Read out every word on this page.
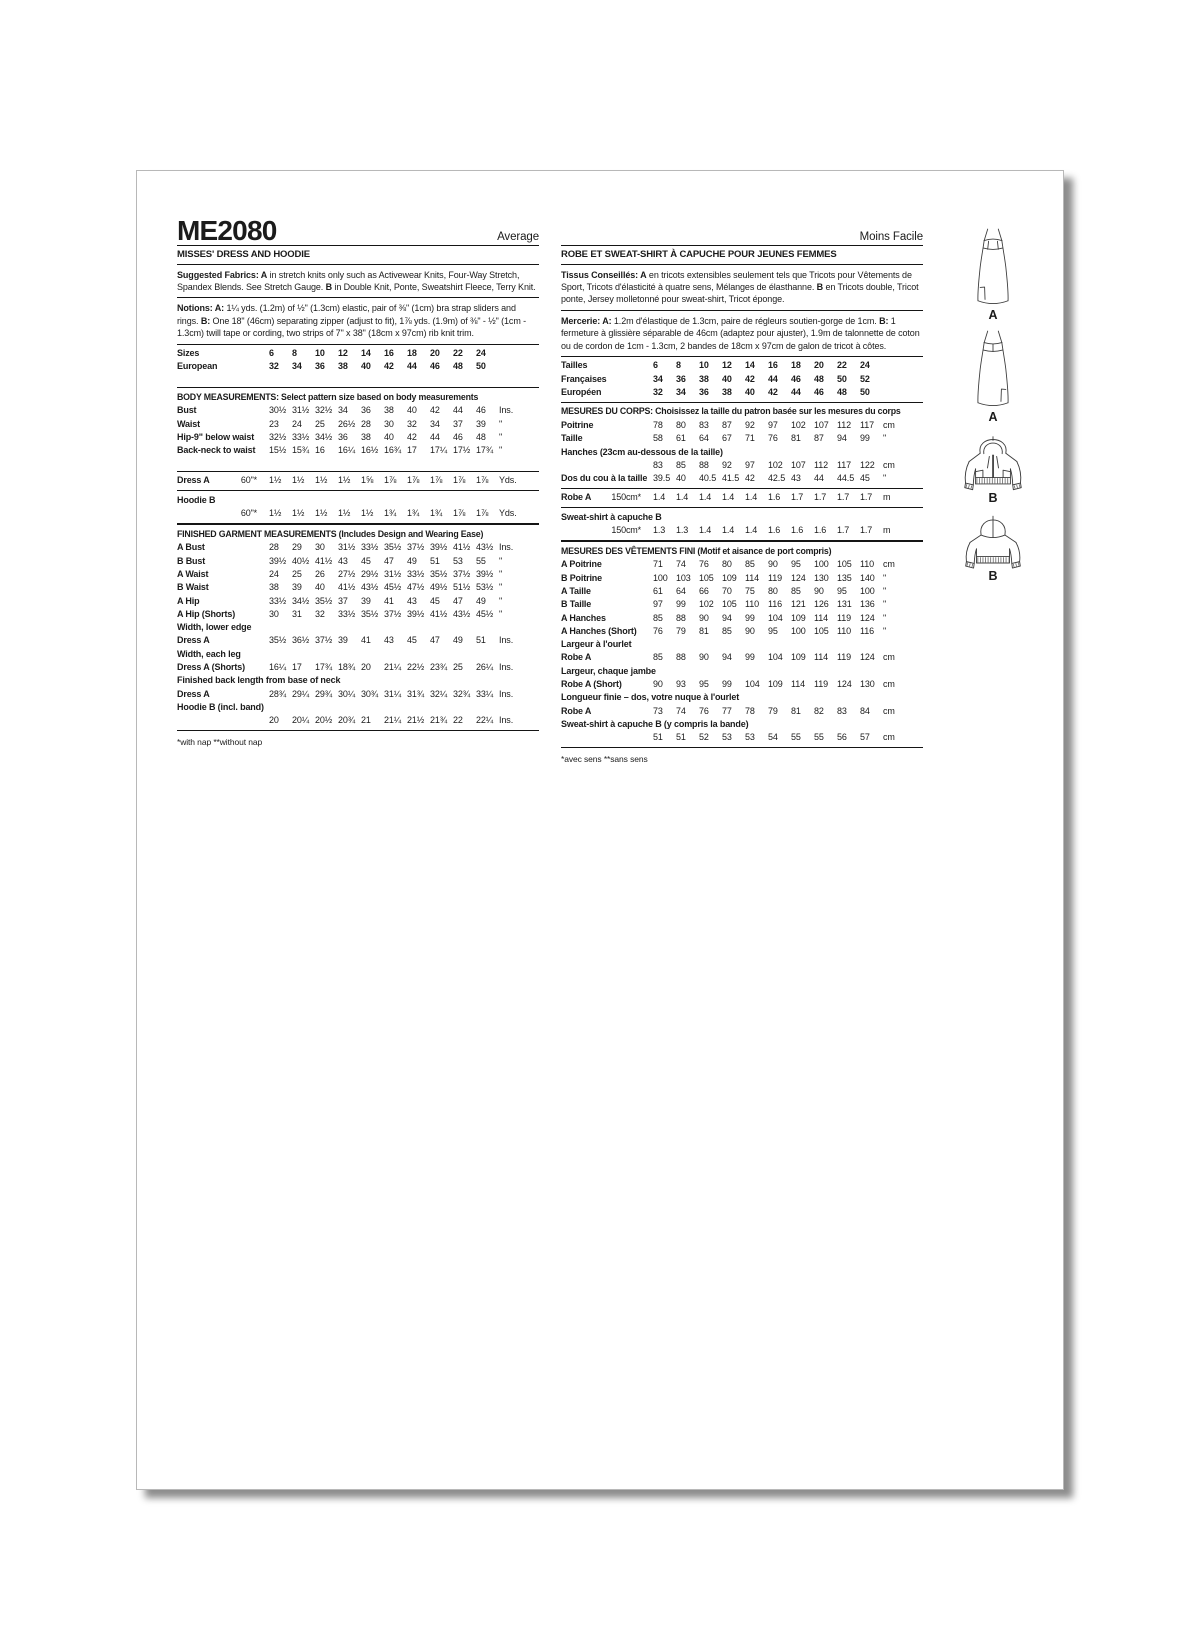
ME2080	Average
MISSES' DRESS AND HOODIE
Suggested Fabrics: A in stretch knits only such as Activewear Knits, Four-Way Stretch, Spandex Blends. See Stretch Gauge. B in Double Knit, Ponte, Sweatshirt Fleece, Terry Knit.
Notions: A: 1¼ yds. (1.2m) of ½" (1.3cm) elastic, pair of ⅜" (1cm) bra strap sliders and rings. B: One 18" (46cm) separating zipper (adjust to fit), 1⅞ yds. (1.9m) of ⅜" - ½" (1cm - 1.3cm) twill tape or cording, two strips of 7" x 38" (18cm x 97cm) rib knit trim.
Sizes	6	8	10	12	14	16	18	20	22	24
European	32	34	36	38	40	42	44	46	48	50
BODY MEASUREMENTS: Select pattern size based on body measurements
Bust	30½ 31½ 32½ 34	36	38	40	42	44	46	Ins.
Waist	23	24	25	26½ 28	30	32	34	37	39	"
Hip-9" below waist 32½ 33½ 34½ 36	38	40	42	44	46	48	"
Back-neck to waist 15½ 15¾ 16	16¼ 16½ 16¾ 17	17¼ 17½ 17¾ "
Dress A	60"* 1½	1½	1½	1½	1⅝	1⅞	1⅞	1⅞	1⅞	1⅞	Yds.
Hoodie B
60"* 1½	1½	1½	1½	1½	1¾	1¾	1¾	1⅞	1⅞	Yds.
FINISHED GARMENT MEASUREMENTS (Includes Design and Wearing Ease)
A Bust	28	29	30	31½ 33½ 35½ 37½ 39½ 41½ 43½ Ins.
B Bust	39½ 40½ 41½ 43	45	47	49	51	53	55	"
A Waist	24	25	26	27½ 29½ 31½ 33½ 35½ 37½ 39½ "
B Waist	38	39	40	41½ 43½ 45½ 47½ 49½ 51½ 53½ "
A Hip	33½ 34½ 35½ 37	39	41	43	45	47	49	"
A Hip (Shorts)	30	31	32	33½ 35½ 37½ 39½ 41½ 43½ 45½ "
Width, lower edge
Dress A	35½ 36½ 37½ 39	41	43	45	47	49	51	Ins.
Width, each leg
Dress A (Shorts)	16¼ 17	17¾ 18¾ 20	21¼ 22½ 23¾ 25	26¼ Ins.
Finished back length from base of neck
Dress A	28¾ 29¼ 29¾ 30¼ 30¾ 31¼ 31¾ 32¼ 32¾ 33¼ Ins.
Hoodie B (incl. band)
20	20¼ 20½ 20¾ 21	21¼ 21½ 21¾ 22	22¼ Ins.
*with nap **without nap
Moins Facile
ROBE ET SWEAT-SHIRT À CAPUCHE POUR JEUNES FEMMES
Tissus Conseillés: A en tricots extensibles seulement tels que Tricots pour Vêtements de Sport, Tricots d'élasticité à quatre sens, Mélanges de élasthanne. B en Tricots double, Tricot ponte, Jersey molletonné pour sweat-shirt, Tricot éponge.
Mercerie: A: 1.2m d'élastique de 1.3cm, paire de régleurs soutien-gorge de 1cm. B: 1 fermeture à glissière séparable de 46cm (adaptez pour ajuster), 1.9m de talonnette de coton ou de cordon de 1cm - 1.3cm, 2 bandes de 18cm x 97cm de galon de tricot à côtes.
Tailles	6	8	10	12	14	16	18	20	22	24
Françaises	34	36	38	40	42	44	46	48	50	52
Européen	32	34	36	38	40	42	44	46	48	50
MESURES DU CORPS: Choisissez la taille du patron basée sur les mesures du corps
Poitrine	78	80	83	87	92	97	102 107 112 117 cm
Taille	58	61	64	67	71	76	81	87	94	99	"
Hanches (23cm au-dessous de la taille)
83	85	88	92	97	102 107 112 117 122 cm
Dos du cou à la taille 39.5 40	40.5 41.5 42	42.5 43	44	44.5 45	"
Robe A 150cm* 1.4	1.4	1.4	1.4	1.4	1.6	1.7	1.7	1.7	1.7	m
Sweat-shirt à capuche B
150cm* 1.3	1.3	1.4	1.4	1.4	1.6	1.6	1.6	1.7	1.7	m
MESURES DES VÊTEMENTS FINI (Motif et aisance de port compris)
A Poitrine	71	74	76	80	85	90	95	100 105 110 cm
B Poitrine	100 103 105 109 114 119 124 130 135 140 "
A Taille	61	64	66	70	75	80	85	90	95	100 "
B Taille	97	99	102 105 110 116 121 126 131 136 "
A Hanches	85	88	90	94	99	104 109 114 119 124 "
A Hanches (Short) 76	79	81	85	90	95	100 105 110 116 "
Largeur à l'ourlet
Robe A	85	88	90	94	99	104 109 114 119 124 cm
Largeur, chaque jambe
Robe A (Short)	90	93	95	99	104 109 114 119 124 130 cm
Longueur finie – dos, votre nuque à l'ourlet
Robe A	73	74	76	77	78	79	81	82	83	84	cm
Sweat-shirt à capuche B (y compris la bande)
51	51	52	53	53	54	55	55	56	57	cm
*avec sens **sans sens
A
A
B
B
